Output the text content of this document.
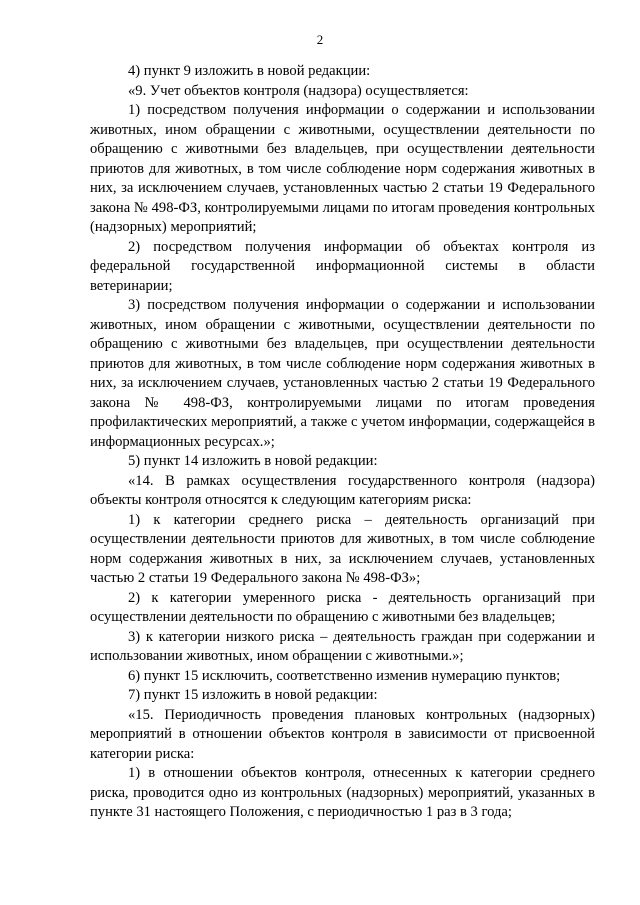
2

4) пункт 9 изложить в новой редакции:

«9. Учет объектов контроля (надзора) осуществляется:

1) посредством получения информации о содержании и использовании животных, ином обращении с животными, осуществлении деятельности по обращению с животными без владельцев, при осуществлении деятельности приютов для животных, в том числе соблюдение норм содержания животных в них, за исключением случаев, установленных частью 2 статьи 19 Федерального закона № 498-ФЗ, контролируемыми лицами по итогам проведения контрольных (надзорных) мероприятий;

2) посредством получения информации об объектах контроля из федеральной государственной информационной системы в области ветеринарии;

3) посредством получения информации о содержании и использовании животных, ином обращении с животными, осуществлении деятельности по обращению с животными без владельцев, при осуществлении деятельности приютов для животных, в том числе соблюдение норм содержания животных в них, за исключением случаев, установленных частью 2 статьи 19 Федерального закона № 498-ФЗ, контролируемыми лицами по итогам проведения профилактических мероприятий, а также с учетом информации, содержащейся в информационных ресурсах.»;

5) пункт 14 изложить в новой редакции:

«14. В рамках осуществления государственного контроля (надзора) объекты контроля относятся к следующим категориям риска:

1) к категории среднего риска – деятельность организаций при осуществлении деятельности приютов для животных, в том числе соблюдение норм содержания животных в них, за исключением случаев, установленных частью 2 статьи 19 Федерального закона № 498-ФЗ»;

2) к категории умеренного риска - деятельность организаций при осуществлении деятельности по обращению с животными без владельцев;

3) к категории низкого риска – деятельность граждан при содержании и использовании животных, ином обращении с животными.»;

6) пункт 15 исключить, соответственно изменив нумерацию пунктов;

7) пункт 15 изложить в новой редакции:

«15. Периодичность проведения плановых контрольных (надзорных) мероприятий в отношении объектов контроля в зависимости от присвоенной категории риска:

1) в отношении объектов контроля, отнесенных к категории среднего риска, проводится одно из контрольных (надзорных) мероприятий, указанных в пункте 31 настоящего Положения, с периодичностью 1 раз в 3 года;
